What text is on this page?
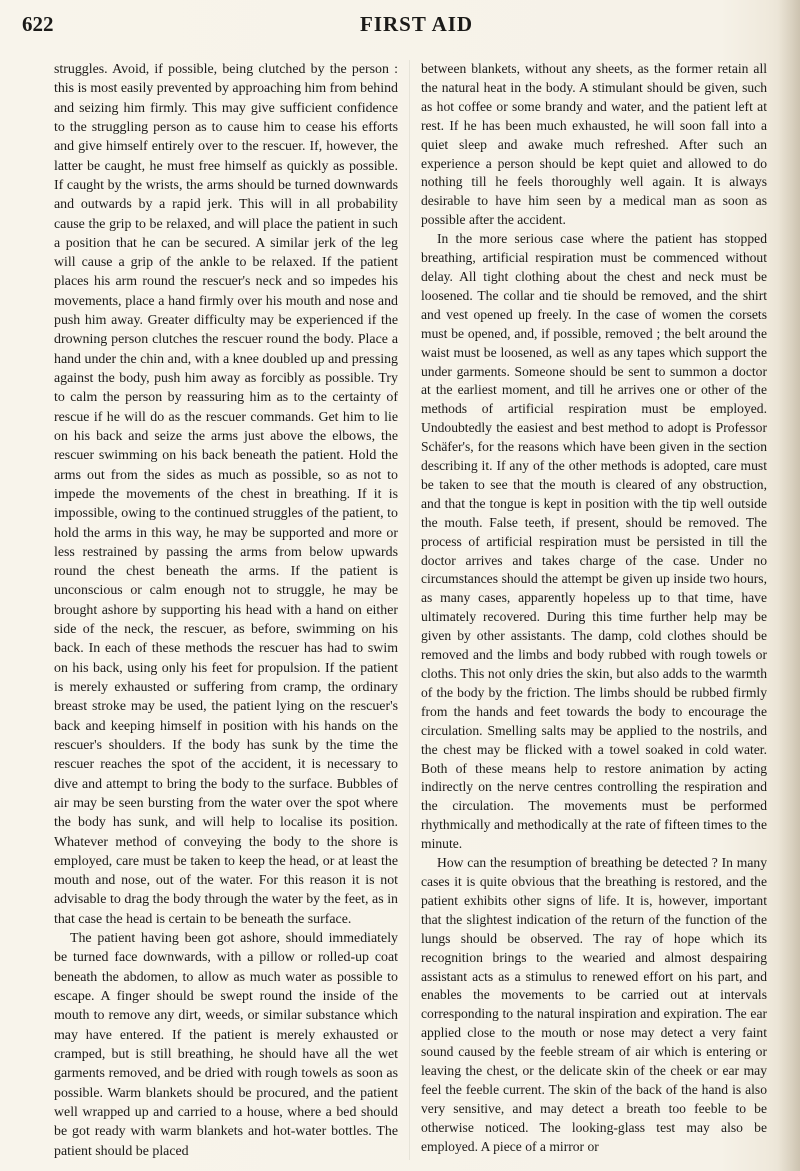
622	FIRST AID

struggles. Avoid, if possible, being clutched by the person : this is most easily prevented by approaching him from behind and seizing him firmly. This may give sufficient confidence to the struggling person as to cause him to cease his efforts and give himself entirely over to the rescuer. If, however, the latter be caught, he must free himself as quickly as possible. If caught by the wrists, the arms should be turned downwards and outwards by a rapid jerk. This will in all probability cause the grip to be relaxed, and will place the patient in such a position that he can be secured. A similar jerk of the leg will cause a grip of the ankle to be relaxed. If the patient places his arm round the rescuer's neck and so impedes his movements, place a hand firmly over his mouth and nose and push him away. Greater difficulty may be experienced if the drowning person clutches the rescuer round the body. Place a hand under the chin and, with a knee doubled up and pressing against the body, push him away as forcibly as possible. Try to calm the person by reassuring him as to the certainty of rescue if he will do as the rescuer commands. Get him to lie on his back and seize the arms just above the elbows, the rescuer swimming on his back beneath the patient. Hold the arms out from the sides as much as possible, so as not to impede the movements of the chest in breathing. If it is impossible, owing to the continued struggles of the patient, to hold the arms in this way, he may be supported and more or less restrained by passing the arms from below upwards round the chest beneath the arms. If the patient is unconscious or calm enough not to struggle, he may be brought ashore by supporting his head with a hand on either side of the neck, the rescuer, as before, swimming on his back. In each of these methods the rescuer has had to swim on his back, using only his feet for propulsion. If the patient is merely exhausted or suffering from cramp, the ordinary breast stroke may be used, the patient lying on the rescuer's back and keeping himself in position with his hands on the rescuer's shoulders. If the body has sunk by the time the rescuer reaches the spot of the accident, it is necessary to dive and attempt to bring the body to the surface. Bubbles of air may be seen bursting from the water over the spot where the body has sunk, and will help to localise its position. Whatever method of conveying the body to the shore is employed, care must be taken to keep the head, or at least the mouth and nose, out of the water. For this reason it is not advisable to drag the body through the water by the feet, as in that case the head is certain to be beneath the surface.

The patient having been got ashore, should immediately be turned face downwards, with a pillow or rolled-up coat beneath the abdomen, to allow as much water as possible to escape. A finger should be swept round the inside of the mouth to remove any dirt, weeds, or similar substance which may have entered. If the patient is merely exhausted or cramped, but is still breathing, he should have all the wet garments removed, and be dried with rough towels as soon as possible. Warm blankets should be procured, and the patient well wrapped up and carried to a house, where a bed should be got ready with warm blankets and hot-water bottles. The patient should be placed

between blankets, without any sheets, as the former retain all the natural heat in the body. A stimulant should be given, such as hot coffee or some brandy and water, and the patient left at rest. If he has been much exhausted, he will soon fall into a quiet sleep and awake much refreshed. After such an experience a person should be kept quiet and allowed to do nothing till he feels thoroughly well again. It is always desirable to have him seen by a medical man as soon as possible after the accident.

In the more serious case where the patient has stopped breathing, artificial respiration must be commenced without delay. All tight clothing about the chest and neck must be loosened. The collar and tie should be removed, and the shirt and vest opened up freely. In the case of women the corsets must be opened, and, if possible, removed ; the belt around the waist must be loosened, as well as any tapes which support the under garments. Someone should be sent to summon a doctor at the earliest moment, and till he arrives one or other of the methods of artificial respiration must be employed. Undoubtedly the easiest and best method to adopt is Professor Schäfer's, for the reasons which have been given in the section describing it. If any of the other methods is adopted, care must be taken to see that the mouth is cleared of any obstruction, and that the tongue is kept in position with the tip well outside the mouth. False teeth, if present, should be removed. The process of artificial respiration must be persisted in till the doctor arrives and takes charge of the case. Under no circumstances should the attempt be given up inside two hours, as many cases, apparently hopeless up to that time, have ultimately recovered. During this time further help may be given by other assistants. The damp, cold clothes should be removed and the limbs and body rubbed with rough towels or cloths. This not only dries the skin, but also adds to the warmth of the body by the friction. The limbs should be rubbed firmly from the hands and feet towards the body to encourage the circulation. Smelling salts may be applied to the nostrils, and the chest may be flicked with a towel soaked in cold water. Both of these means help to restore animation by acting indirectly on the nerve centres controlling the respiration and the circulation. The movements must be performed rhythmically and methodically at the rate of fifteen times to the minute.

How can the resumption of breathing be detected ? In many cases it is quite obvious that the breathing is restored, and the patient exhibits other signs of life. It is, however, important that the slightest indication of the return of the function of the lungs should be observed. The ray of hope which its recognition brings to the wearied and almost despairing assistant acts as a stimulus to renewed effort on his part, and enables the movements to be carried out at intervals corresponding to the natural inspiration and expiration. The ear applied close to the mouth or nose may detect a very faint sound caused by the feeble stream of air which is entering or leaving the chest, or the delicate skin of the cheek or ear may feel the feeble current. The skin of the back of the hand is also very sensitive, and may detect a breath too feeble to be otherwise noticed. The looking-glass test may also be employed. A piece of a mirror or
